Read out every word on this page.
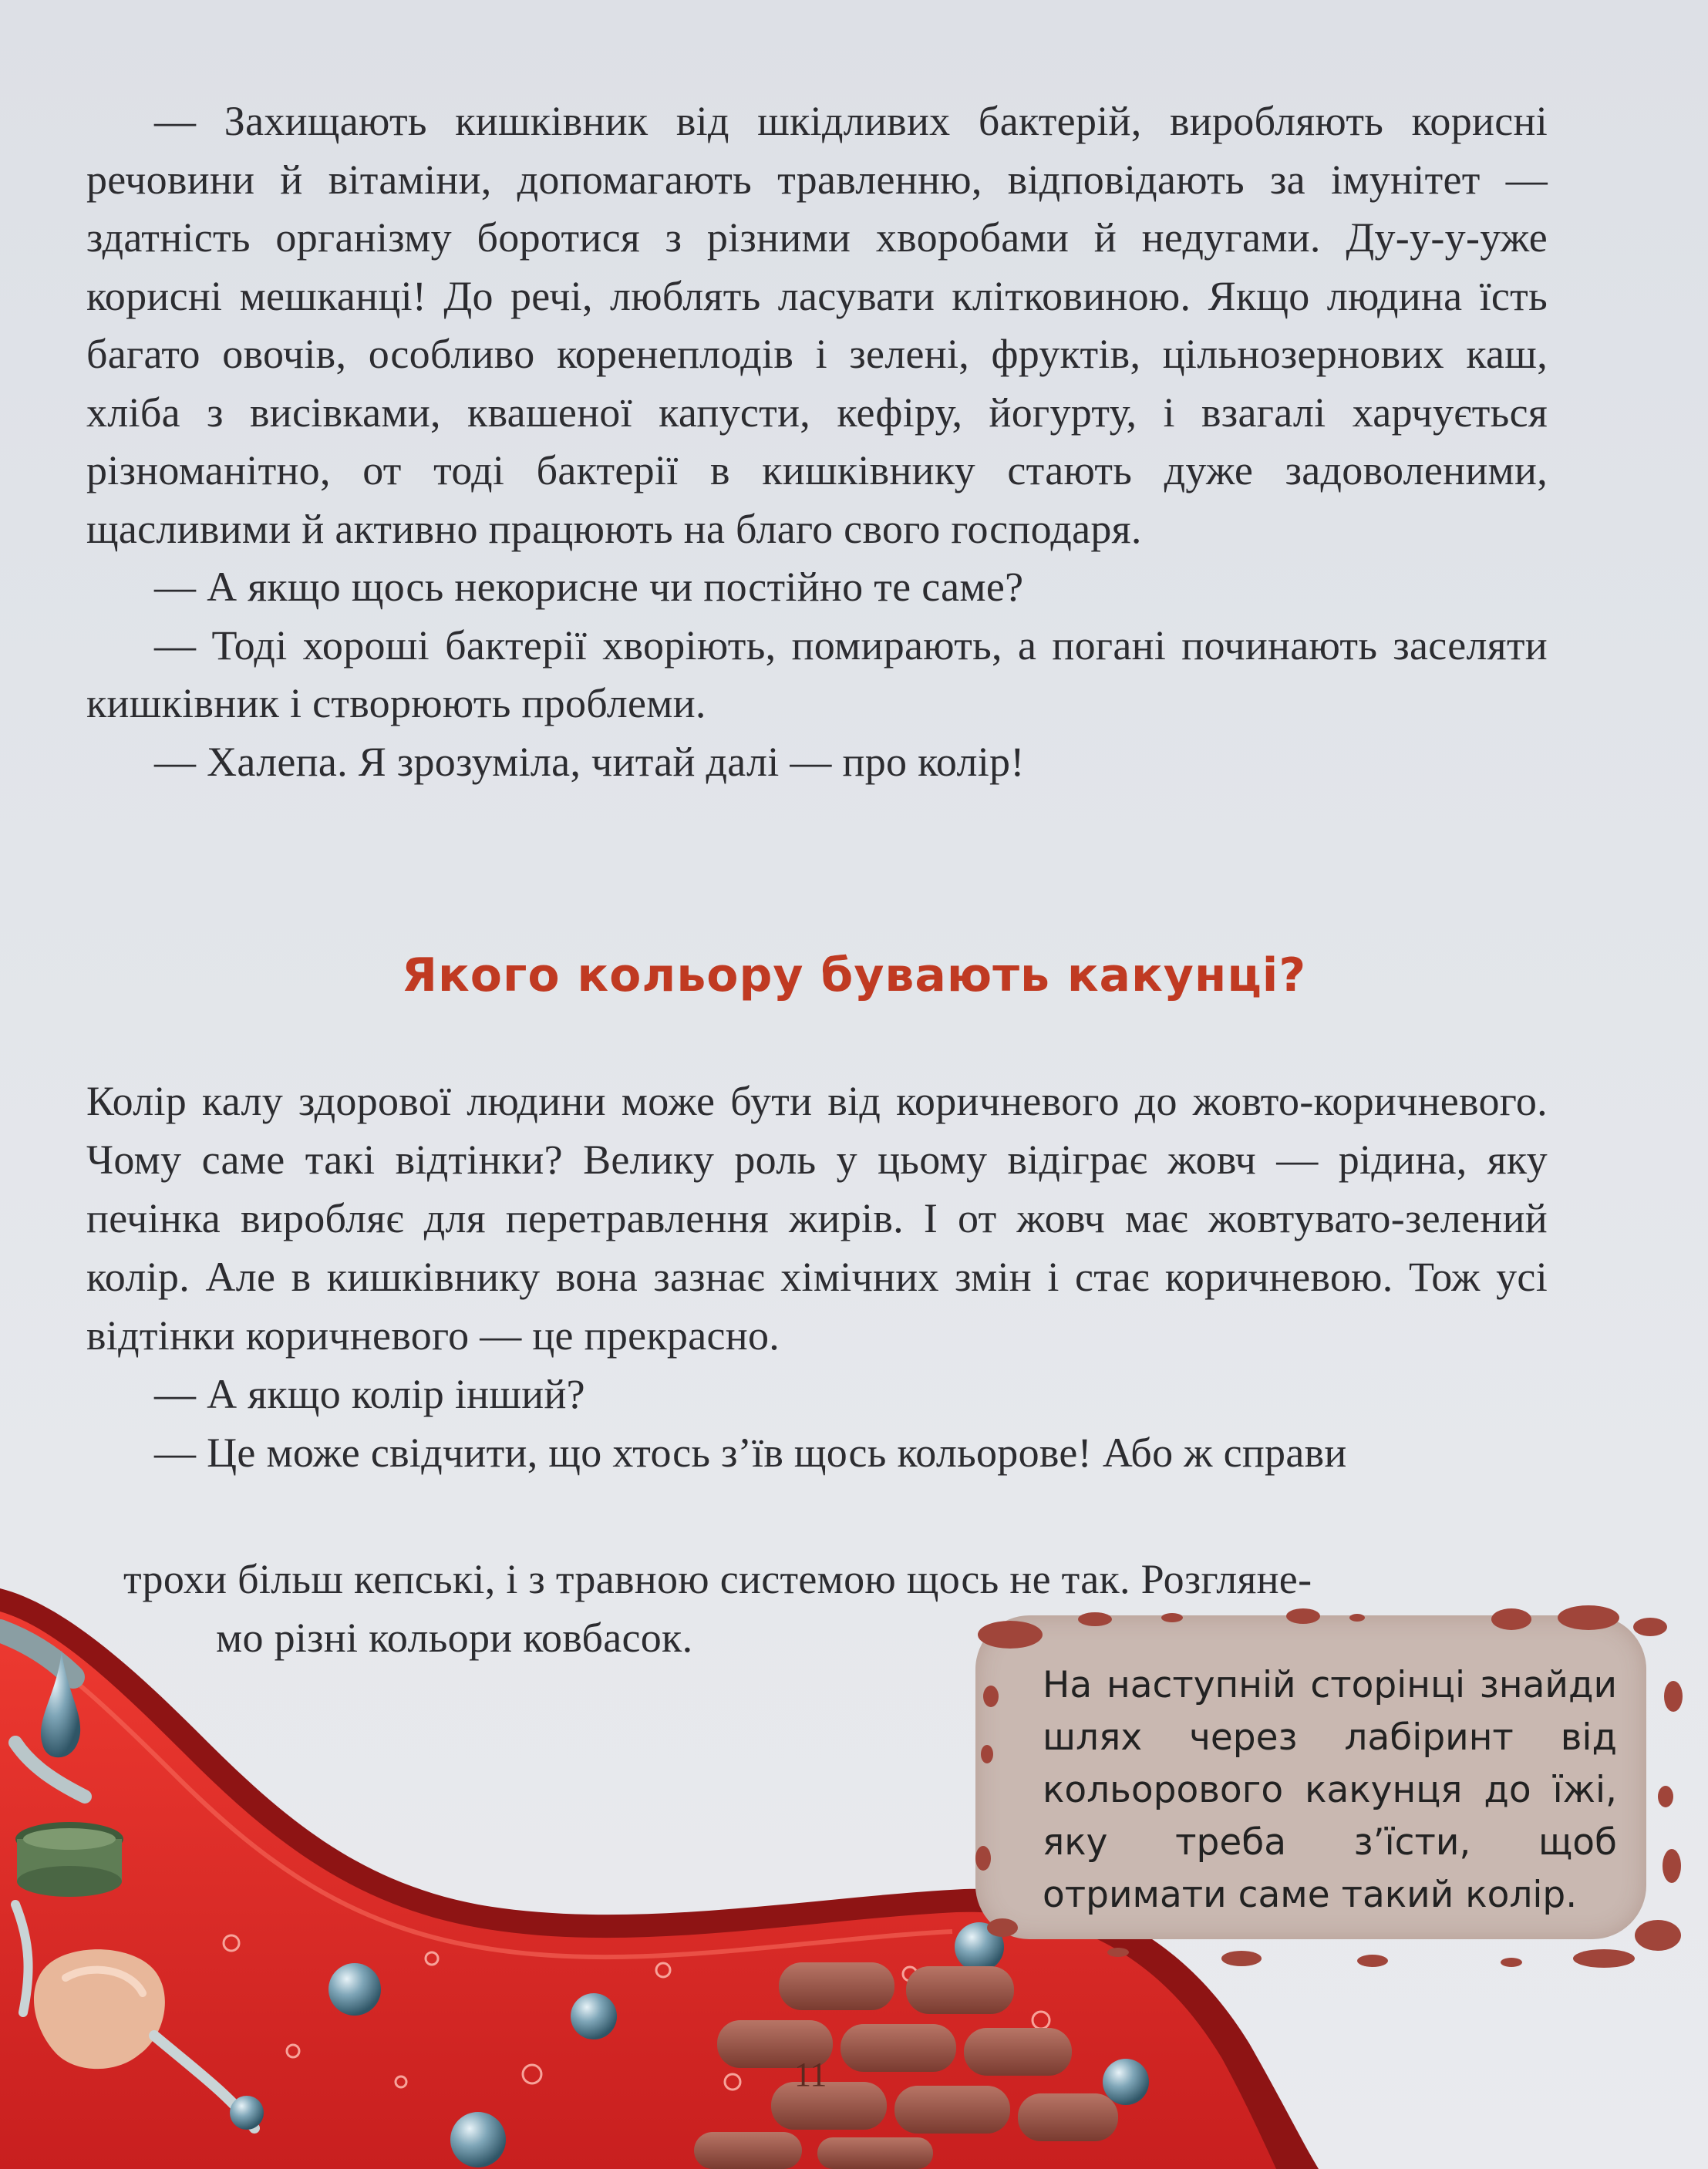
— Захищають кишківник від шкідливих бактерій, виробляють корисні речовини й вітаміни, допомагають травленню, відповідають за імунітет — здатність організму боротися з різними хворобами й недугами. Ду-у-у-уже корисні мешканці! До речі, люблять ласувати клітковиною. Якщо людина їсть багато овочів, особливо коренеплодів і зелені, фруктів, цільнозернових каш, хліба з висівками, квашеної капусти, кефіру, йогурту, і взагалі харчується різноманітно, от тоді бактерії в кишківнику стають дуже задоволеними, щасливими й активно працюють на благо свого господаря.

— А якщо щось некорисне чи постійно те саме?

— Тоді хороші бактерії хворіють, помирають, а погані починають заселяти кишківник і створюють проблеми.

— Халепа. Я зрозуміла, читай далі — про колір!

Якого кольору бувають какунці?

Колір калу здорової людини може бути від коричневого до жовто-коричневого. Чому саме такі відтінки? Велику роль у цьому відіграє жовч — рідина, яку печінка виробляє для перетравлення жирів. І от жовч має жовтувато-зелений колір. Але в кишківнику вона зазнає хімічних змін і стає коричневою. Тож усі відтінки коричневого — це прекрасно.

— А якщо колір інший?

— Це може свідчити, що хтось з’їв щось кольорове! Або ж справи

трохи більш кепські, і з травною системою щось не так. Розгляне-
мо різні кольори ковбасок.
На наступній сторінці знайди шлях через лабіринт від кольорового какунця до їжі, яку треба з’їсти, щоб отримати саме такий колір.
11
